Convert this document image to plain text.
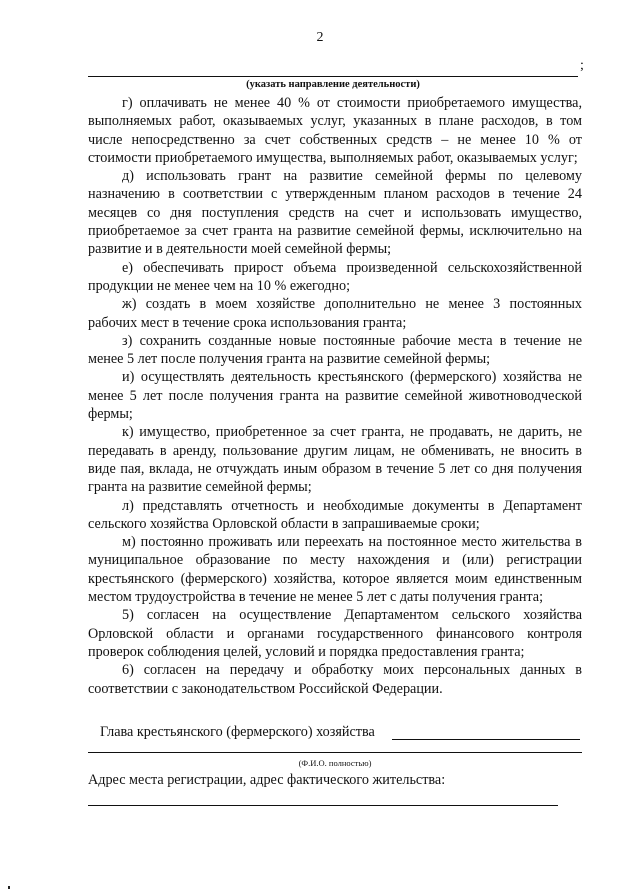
2
;
(указать направление деятельности)

г) оплачивать не менее 40 % от стоимости приобретаемого имущества, выполняемых работ, оказываемых услуг, указанных в плане расходов, в том числе непосредственно за счет собственных средств – не менее 10 % от стоимости приобретаемого имущества, выполняемых работ, оказываемых услуг;

д) использовать грант на развитие семейной фермы по целевому назначению в соответствии с утвержденным планом расходов в течение 24 месяцев со дня поступления средств на счет и использовать имущество, приобретаемое за счет гранта на развитие семейной фермы, исключительно на развитие и в деятельности моей семейной фермы;

е) обеспечивать прирост объема произведенной сельскохозяйственной продукции не менее чем на 10 % ежегодно;

ж) создать в моем хозяйстве дополнительно не менее 3 постоянных рабочих мест в течение срока использования гранта;

з) сохранить созданные новые постоянные рабочие места в течение не менее 5 лет после получения гранта на развитие семейной фермы;

и) осуществлять деятельность крестьянского (фермерского) хозяйства не менее 5 лет после получения гранта на развитие семейной животноводческой фермы;

к) имущество, приобретенное за счет гранта, не продавать, не дарить, не передавать в аренду, пользование другим лицам, не обменивать, не вносить в виде пая, вклада, не отчуждать иным образом в течение 5 лет со дня получения гранта на развитие семейной фермы;

л) представлять отчетность и необходимые документы в Департамент сельского хозяйства Орловской области в запрашиваемые сроки;

м) постоянно проживать или переехать на постоянное место жительства в муниципальное образование по месту нахождения и (или) регистрации крестьянского (фермерского) хозяйства, которое является моим единственным местом трудоустройства в течение не менее 5 лет с даты получения гранта;

5) согласен на осуществление Департаментом сельского хозяйства Орловской области и органами государственного финансового контроля проверок соблюдения целей, условий и порядка предоставления гранта;

6) согласен на передачу и обработку моих персональных данных в соответствии с законодательством Российской Федерации.

Глава крестьянского (фермерского) хозяйства
(Ф.И.О. полностью)
Адрес места регистрации, адрес фактического жительства:
